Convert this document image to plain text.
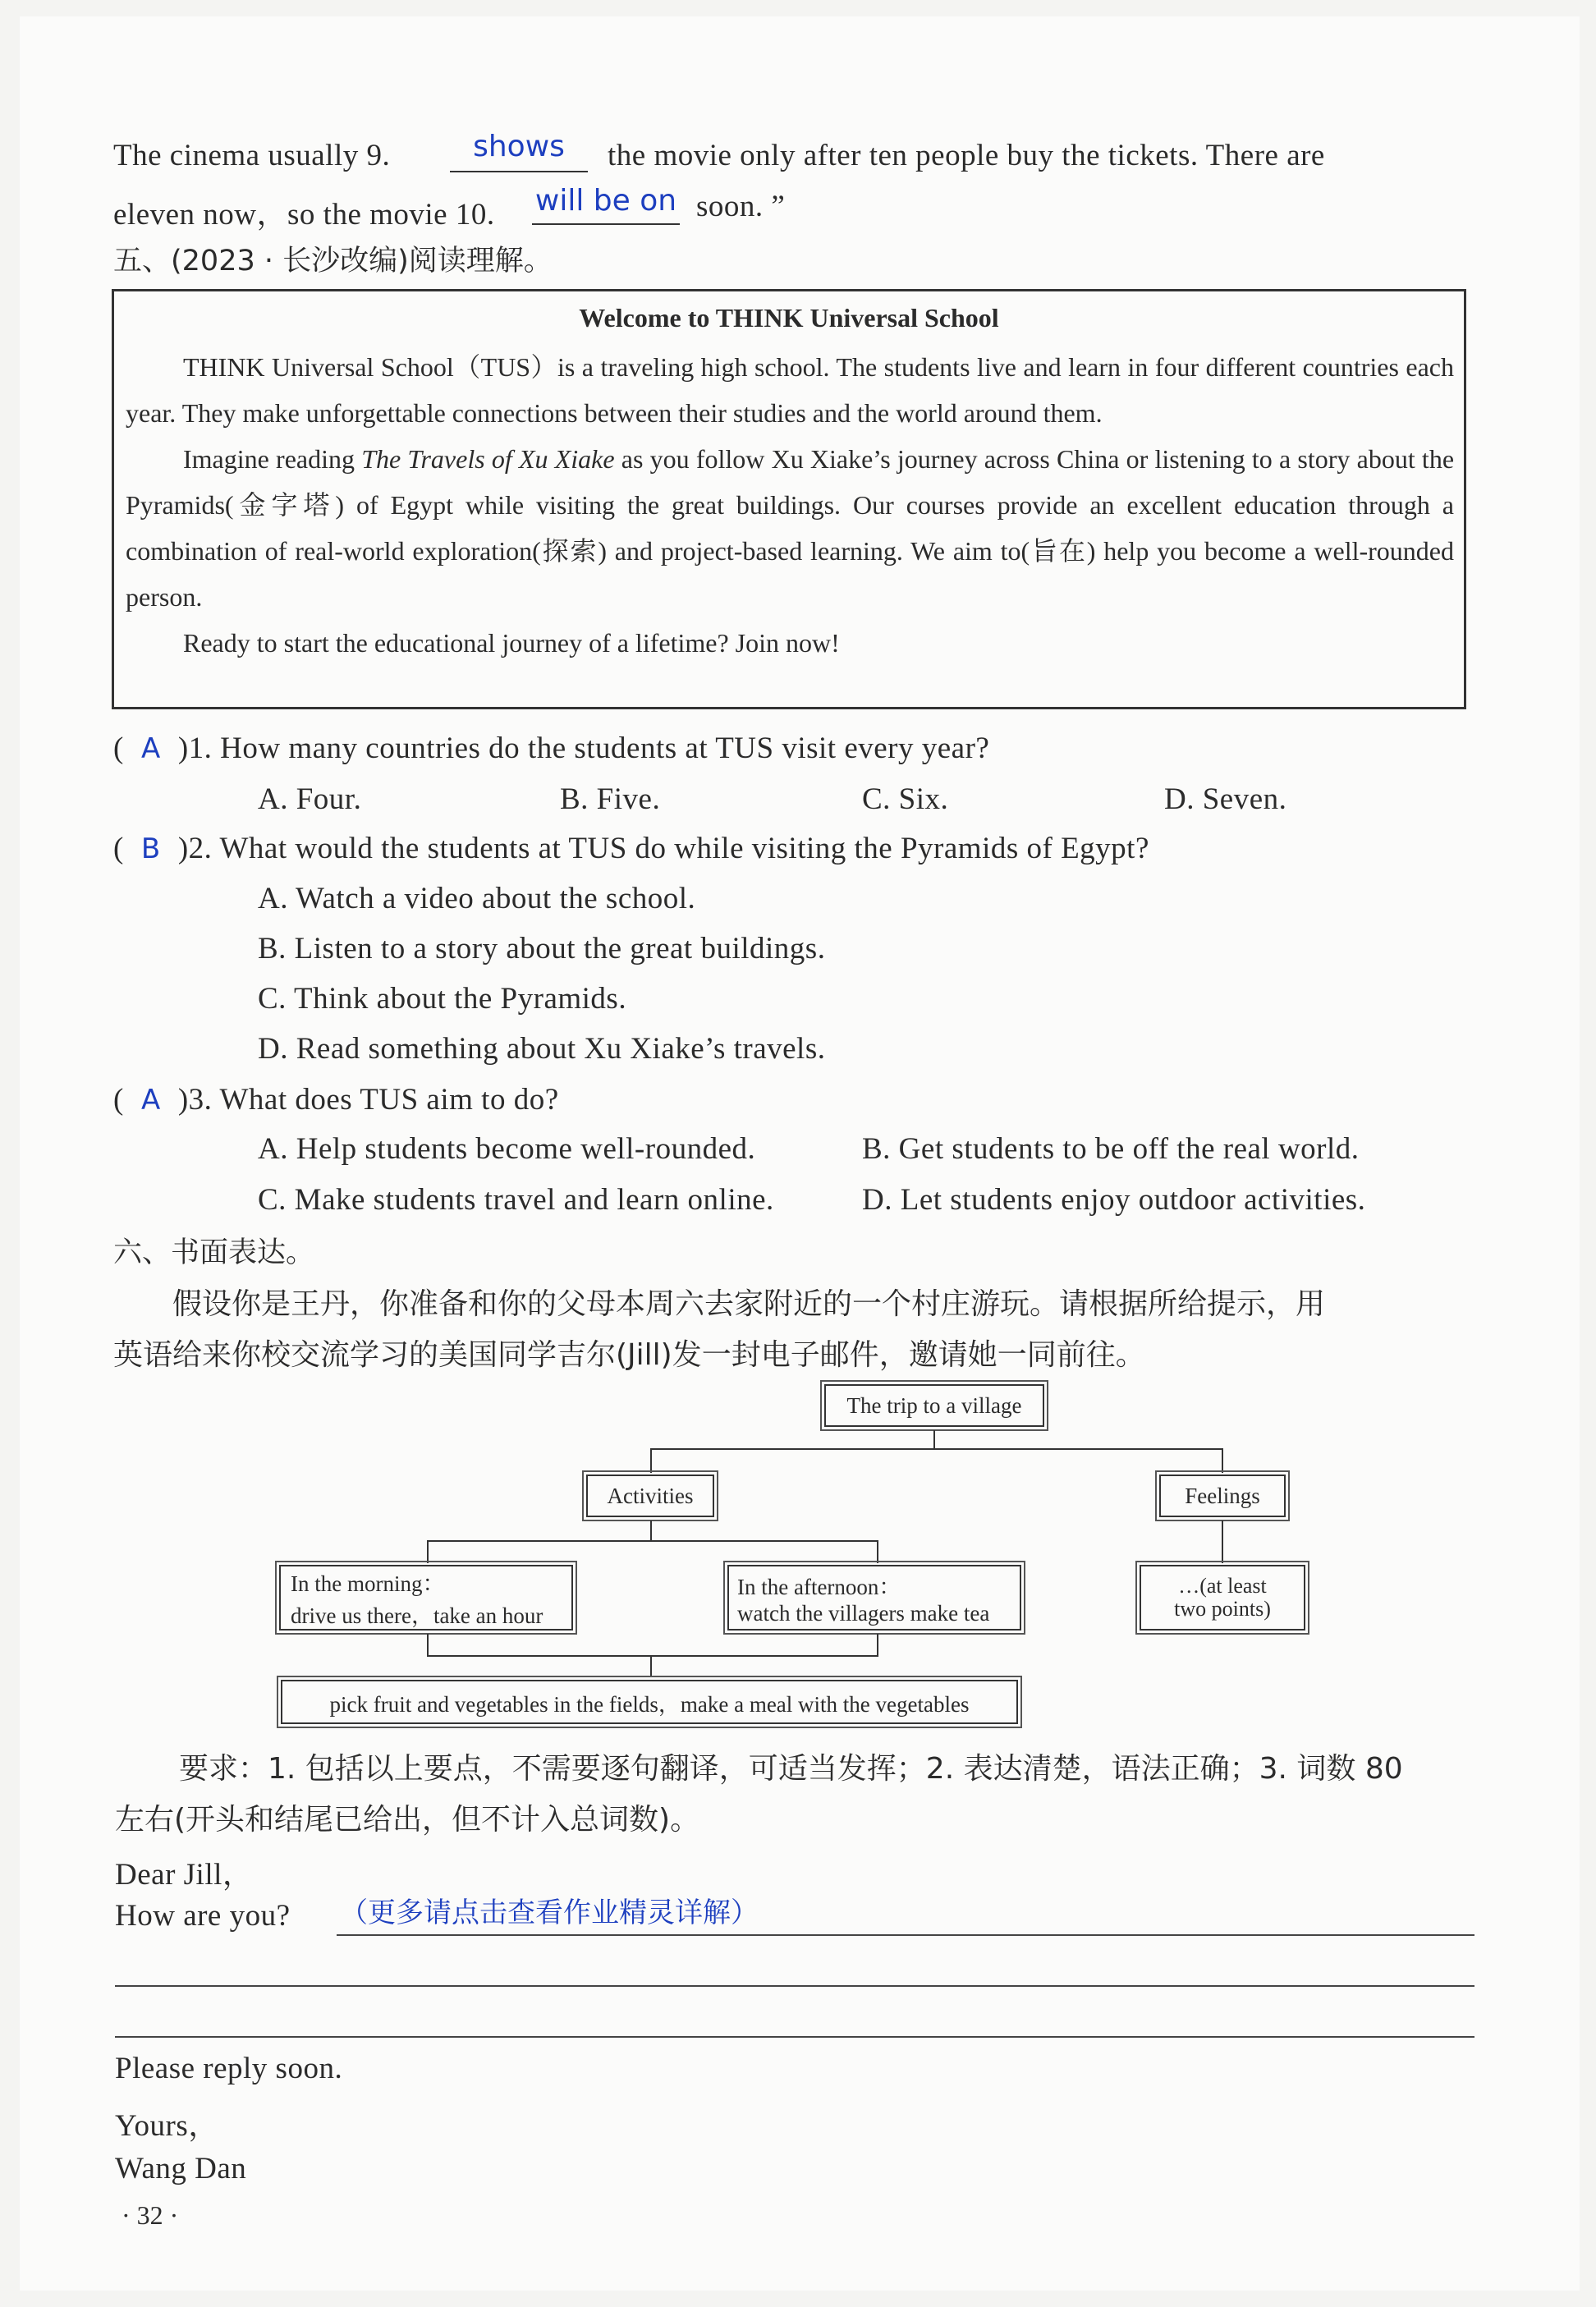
The cinema usually 9.	shows	the movie only after ten people buy the tickets. There are
eleven now，so the movie 10. will be on soon. ”
五、(2023 · 长沙改编)阅读理解。
Welcome to THINK Universal School

THINK Universal School（TUS）is a traveling high school. The students live and learn in four different countries each year. They make unforgettable connections between their studies and the world around them.

Imagine reading The Travels of Xu Xiake as you follow Xu Xiake’s journey across China or listening to a story about the Pyramids(金字塔) of Egypt while visiting the great buildings. Our courses provide an excellent education through a combination of real-world exploration(探索) and project-based learning. We aim to(旨在) help you become a well-rounded person.

Ready to start the educational journey of a lifetime? Join now!

( A )1. How many countries do the students at TUS visit every year?
A. Four.	B. Five.	C. Six.	D. Seven.
( B )2. What would the students at TUS do while visiting the Pyramids of Egypt?
A. Watch a video about the school.
B. Listen to a story about the great buildings.
C. Think about the Pyramids.
D. Read something about Xu Xiake’s travels.
( A )3. What does TUS aim to do?
A. Help students become well-rounded.	B. Get students to be off the real world.
C. Make students travel and learn online.	D. Let students enjoy outdoor activities.
六、书面表达。
假设你是王丹，你准备和你的父母本周六去家附近的一个村庄游玩。请根据所给提示，用
英语给来你校交流学习的美国同学吉尔(Jill)发一封电子邮件，邀请她一同前往。
The trip to a village
Activities	Feelings
In the morning：
drive us there，take an hour
In the afternoon：
watch the villagers make tea
…(at least
two points)
pick fruit and vegetables in the fields，make a meal with the vegetables
要求：1. 包括以上要点，不需要逐句翻译，可适当发挥；2. 表达清楚，语法正确；3. 词数 80
左右(开头和结尾已给出，但不计入总词数)。
Dear Jill，
How are you? （更多请点击查看作业精灵详解）
Please reply soon.
Yours，
Wang Dan
· 32 ·
